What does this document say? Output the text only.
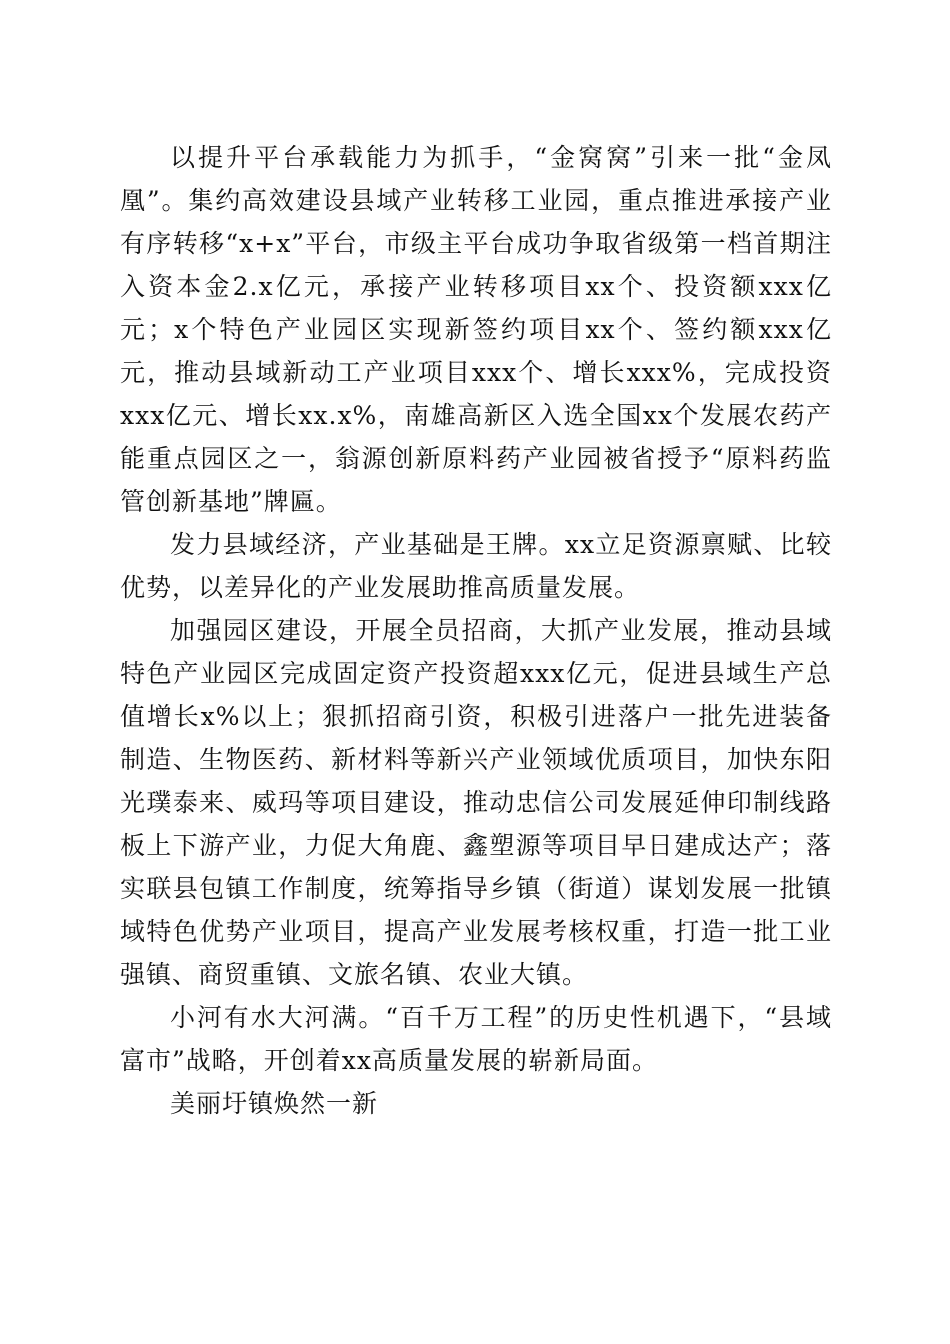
以提升平台承载能力为抓手，“金窝窝”引来一批“金凤凰”。集约高效建设县域产业转移工业园，重点推进承接产业有序转移“x+x”平台，市级主平台成功争取省级第一档首期注入资本金2.x亿元，承接产业转移项目xx个、投资额xxx亿元；x个特色产业园区实现新签约项目xx个、签约额xxx亿元，推动县域新动工产业项目xxx个、增长xxx%，完成投资xxx亿元、增长xx.x%，南雄高新区入选全国xx个发展农药产能重点园区之一，翁源创新原料药产业园被省授予“原料药监管创新基地”牌匾。

发力县域经济，产业基础是王牌。xx立足资源禀赋、比较优势，以差异化的产业发展助推高质量发展。

加强园区建设，开展全员招商，大抓产业发展，推动县域特色产业园区完成固定资产投资超xxx亿元，促进县域生产总值增长x%以上；狠抓招商引资，积极引进落户一批先进装备制造、生物医药、新材料等新兴产业领域优质项目，加快东阳光璞泰来、威玛等项目建设，推动忠信公司发展延伸印制线路板上下游产业，力促大角鹿、鑫塑源等项目早日建成达产；落实联县包镇工作制度，统筹指导乡镇（街道）谋划发展一批镇域特色优势产业项目，提高产业发展考核权重，打造一批工业强镇、商贸重镇、文旅名镇、农业大镇。

小河有水大河满。“百千万工程”的历史性机遇下，“县域富市”战略，开创着xx高质量发展的崭新局面。

美丽圩镇焕然一新
